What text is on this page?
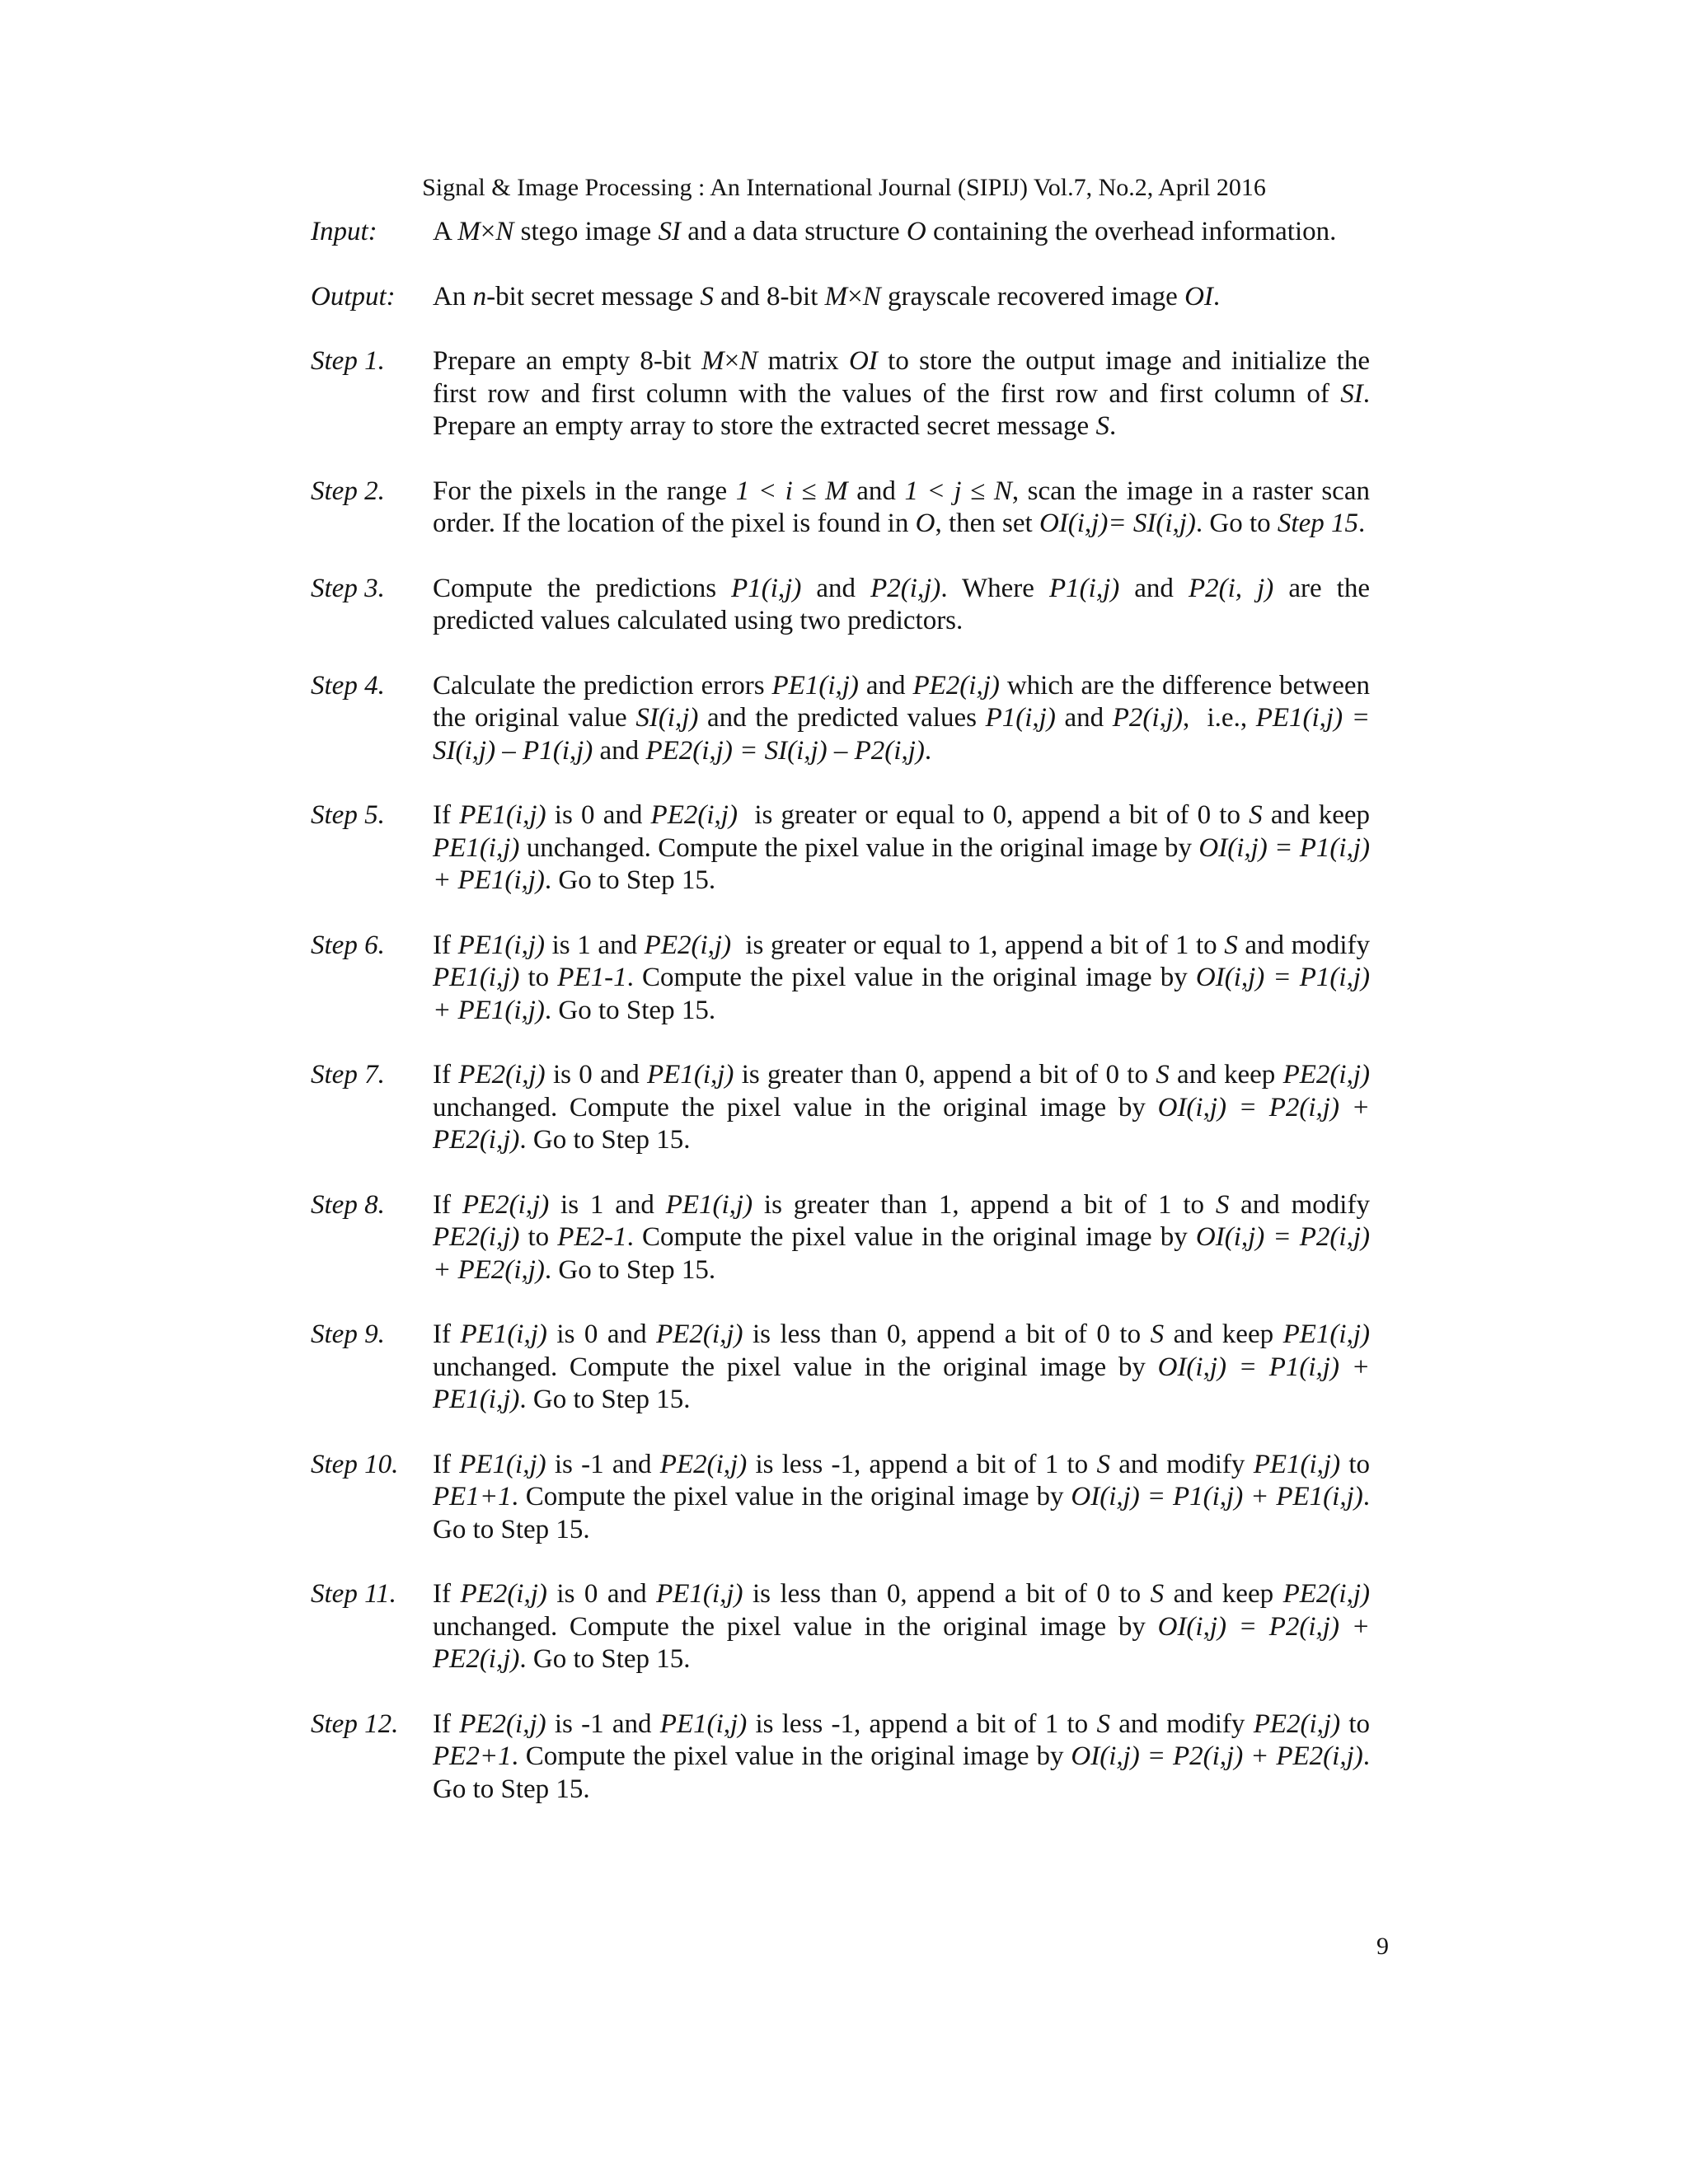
Signal & Image Processing : An International Journal (SIPIJ) Vol.7, No.2, April 2016
Input:	A M×N stego image SI and a data structure O containing the overhead information.
Output:	An n-bit secret message S and 8-bit M×N grayscale recovered image OI.
Step 1.	Prepare an empty 8-bit M×N matrix OI to store the output image and initialize the first row and first column with the values of the first row and first column of SI. Prepare an empty array to store the extracted secret message S.
Step 2.	For the pixels in the range 1 < i ≤ M and 1 < j ≤ N, scan the image in a raster scan order. If the location of the pixel is found in O, then set OI(i,j)= SI(i,j). Go to Step 15.
Step 3.	Compute the predictions P1(i,j) and P2(i,j). Where P1(i,j) and P2(i, j) are the predicted values calculated using two predictors.
Step 4.	Calculate the prediction errors PE1(i,j) and PE2(i,j) which are the difference between the original value SI(i,j) and the predicted values P1(i,j) and P2(i,j),  i.e., PE1(i,j) = SI(i,j) – P1(i,j) and PE2(i,j) = SI(i,j) – P2(i,j).
Step 5.	If PE1(i,j) is 0 and PE2(i,j)  is greater or equal to 0, append a bit of 0 to S and keep PE1(i,j) unchanged. Compute the pixel value in the original image by OI(i,j) = P1(i,j) + PE1(i,j). Go to Step 15.
Step 6.	If PE1(i,j) is 1 and PE2(i,j)  is greater or equal to 1, append a bit of 1 to S and modify PE1(i,j) to PE1-1. Compute the pixel value in the original image by OI(i,j) = P1(i,j) + PE1(i,j). Go to Step 15.
Step 7.	If PE2(i,j) is 0 and PE1(i,j) is greater than 0, append a bit of 0 to S and keep PE2(i,j) unchanged. Compute the pixel value in the original image by OI(i,j) = P2(i,j) + PE2(i,j). Go to Step 15.
Step 8.	If PE2(i,j) is 1 and PE1(i,j) is greater than 1, append a bit of 1 to S and modify PE2(i,j) to PE2-1. Compute the pixel value in the original image by OI(i,j) = P2(i,j) + PE2(i,j). Go to Step 15.
Step 9.	If PE1(i,j) is 0 and PE2(i,j) is less than 0, append a bit of 0 to S and keep PE1(i,j) unchanged. Compute the pixel value in the original image by OI(i,j) = P1(i,j) + PE1(i,j). Go to Step 15.
Step 10.	If PE1(i,j) is -1 and PE2(i,j) is less -1, append a bit of 1 to S and modify PE1(i,j) to PE1+1. Compute the pixel value in the original image by OI(i,j) = P1(i,j) + PE1(i,j). Go to Step 15.
Step 11.	If PE2(i,j) is 0 and PE1(i,j) is less than 0, append a bit of 0 to S and keep PE2(i,j) unchanged. Compute the pixel value in the original image by OI(i,j) = P2(i,j) + PE2(i,j). Go to Step 15.
Step 12.	If PE2(i,j) is -1 and PE1(i,j) is less -1, append a bit of 1 to S and modify PE2(i,j) to PE2+1. Compute the pixel value in the original image by OI(i,j) = P2(i,j) + PE2(i,j). Go to Step 15.
9
